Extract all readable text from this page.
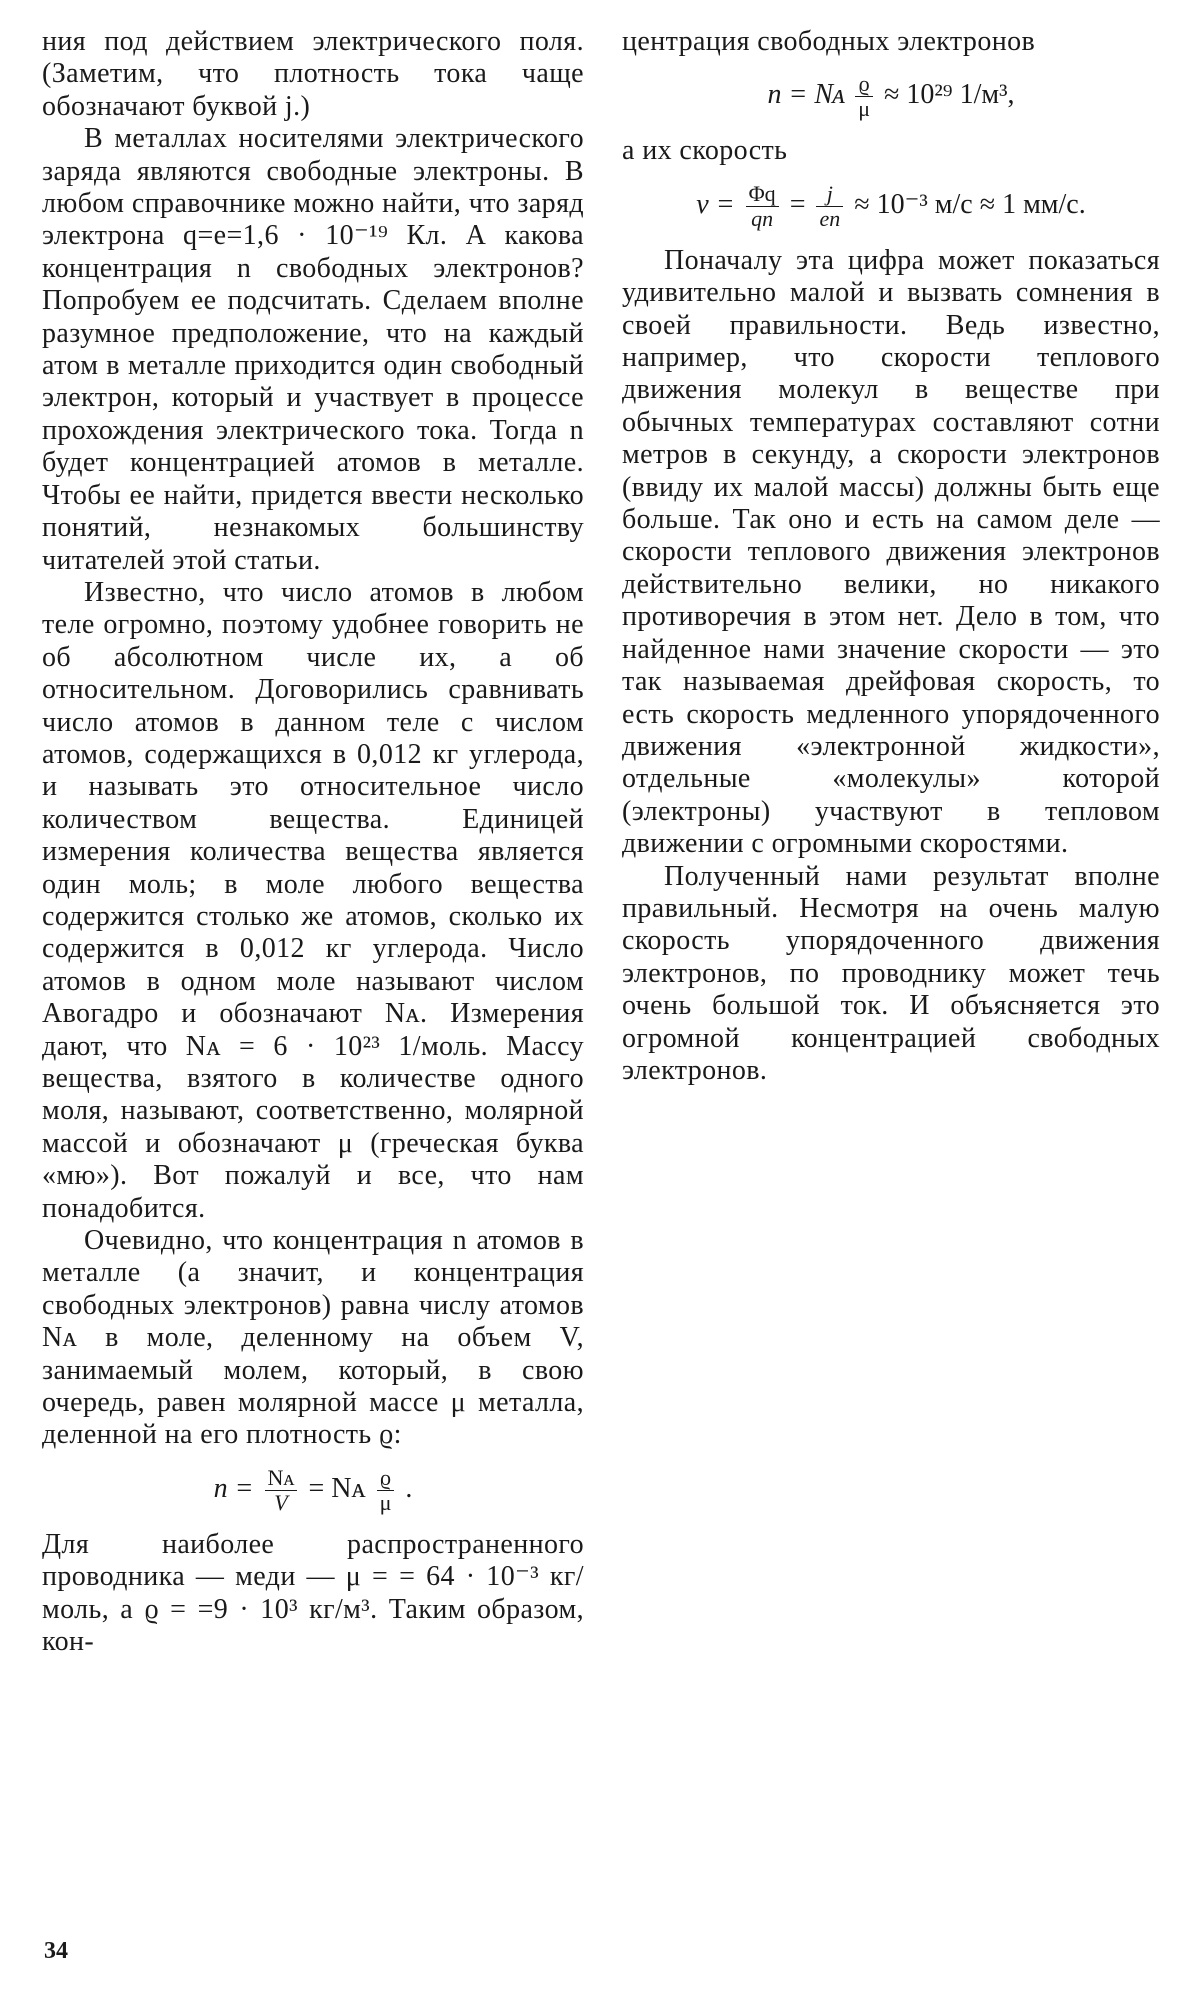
ния под действием электрического поля. (Заметим, что плотность тока чаще обозначают буквой j.)

В металлах носителями электрического заряда являются свободные электроны. В любом справочнике можно найти, что заряд электрона q=e=1,6 · 10⁻¹⁹ Кл. А какова концентрация n свободных электронов? Попробуем ее подсчитать. Сделаем вполне разумное предположение, что на каждый атом в металле приходится один свободный электрон, который и участвует в процессе прохождения электрического тока. Тогда n будет концентрацией атомов в металле. Чтобы ее найти, придется ввести несколько понятий, незнакомых большинству читателей этой статьи.

Известно, что число атомов в любом теле огромно, поэтому удобнее говорить не об абсолютном числе их, а об относительном. Договорились сравнивать число атомов в данном теле с числом атомов, содержащихся в 0,012 кг углерода, и называть это относительное число количеством вещества. Единицей измерения количества вещества является один моль; в моле любого вещества содержится столько же атомов, сколько их содержится в 0,012 кг углерода. Число атомов в одном моле называют числом Авогадро и обозначают Nᴀ. Измерения дают, что Nᴀ = 6 · 10²³ 1/моль. Массу вещества, взятого в количестве одного моля, называют, соответственно, молярной массой и обозначают μ (греческая буква «мю»). Вот пожалуй и все, что нам понадобится.

Очевидно, что концентрация n атомов в металле (а значит, и концентрация свободных электронов) равна числу атомов Nᴀ в моле, деленному на объем V, занимаемый молем, который, в свою очередь, равен молярной массе μ металла, деленной на его плотность ϱ:

$n = \frac{\text{Nᴀ}}{V}$ = Nᴀ $\frac{ϱ}{\mu}$ .

Для наиболее распространенного проводника — меди — μ = = 64 · 10⁻³ кг/моль, а ϱ = =9 · 10³ кг/м³. Таким образом, кон-

центрация свободных электронов

n = Nᴀ $\frac{ϱ}{\mu} \approx 10^{29}$ 1/м³,

а их скорость

$v = \frac{\Phi q}{qn} = \frac{j}{en} \approx 10^{-3}$ м/с ≈ 1 мм/с.

Поначалу эта цифра может показаться удивительно малой и вызвать сомнения в своей правильности. Ведь известно, например, что скорости теплового движения молекул в веществе при обычных температурах составляют сотни метров в секунду, а скорости электронов (ввиду их малой массы) должны быть еще больше. Так оно и есть на самом деле — скорости теплового движения электронов действительно велики, но никакого противоречия в этом нет. Дело в том, что найденное нами значение скорости — это так называемая дрейфовая скорость, то есть скорость медленного упорядоченного движения «электронной жидкости», отдельные «молекулы» которой (электроны) участвуют в тепловом движении с огромными скоростями.

Полученный нами результат вполне правильный. Несмотря на очень малую скорость упорядоченного движения электронов, по проводнику может течь очень большой ток. И объясняется это огромной концентрацией свободных электронов.

34
